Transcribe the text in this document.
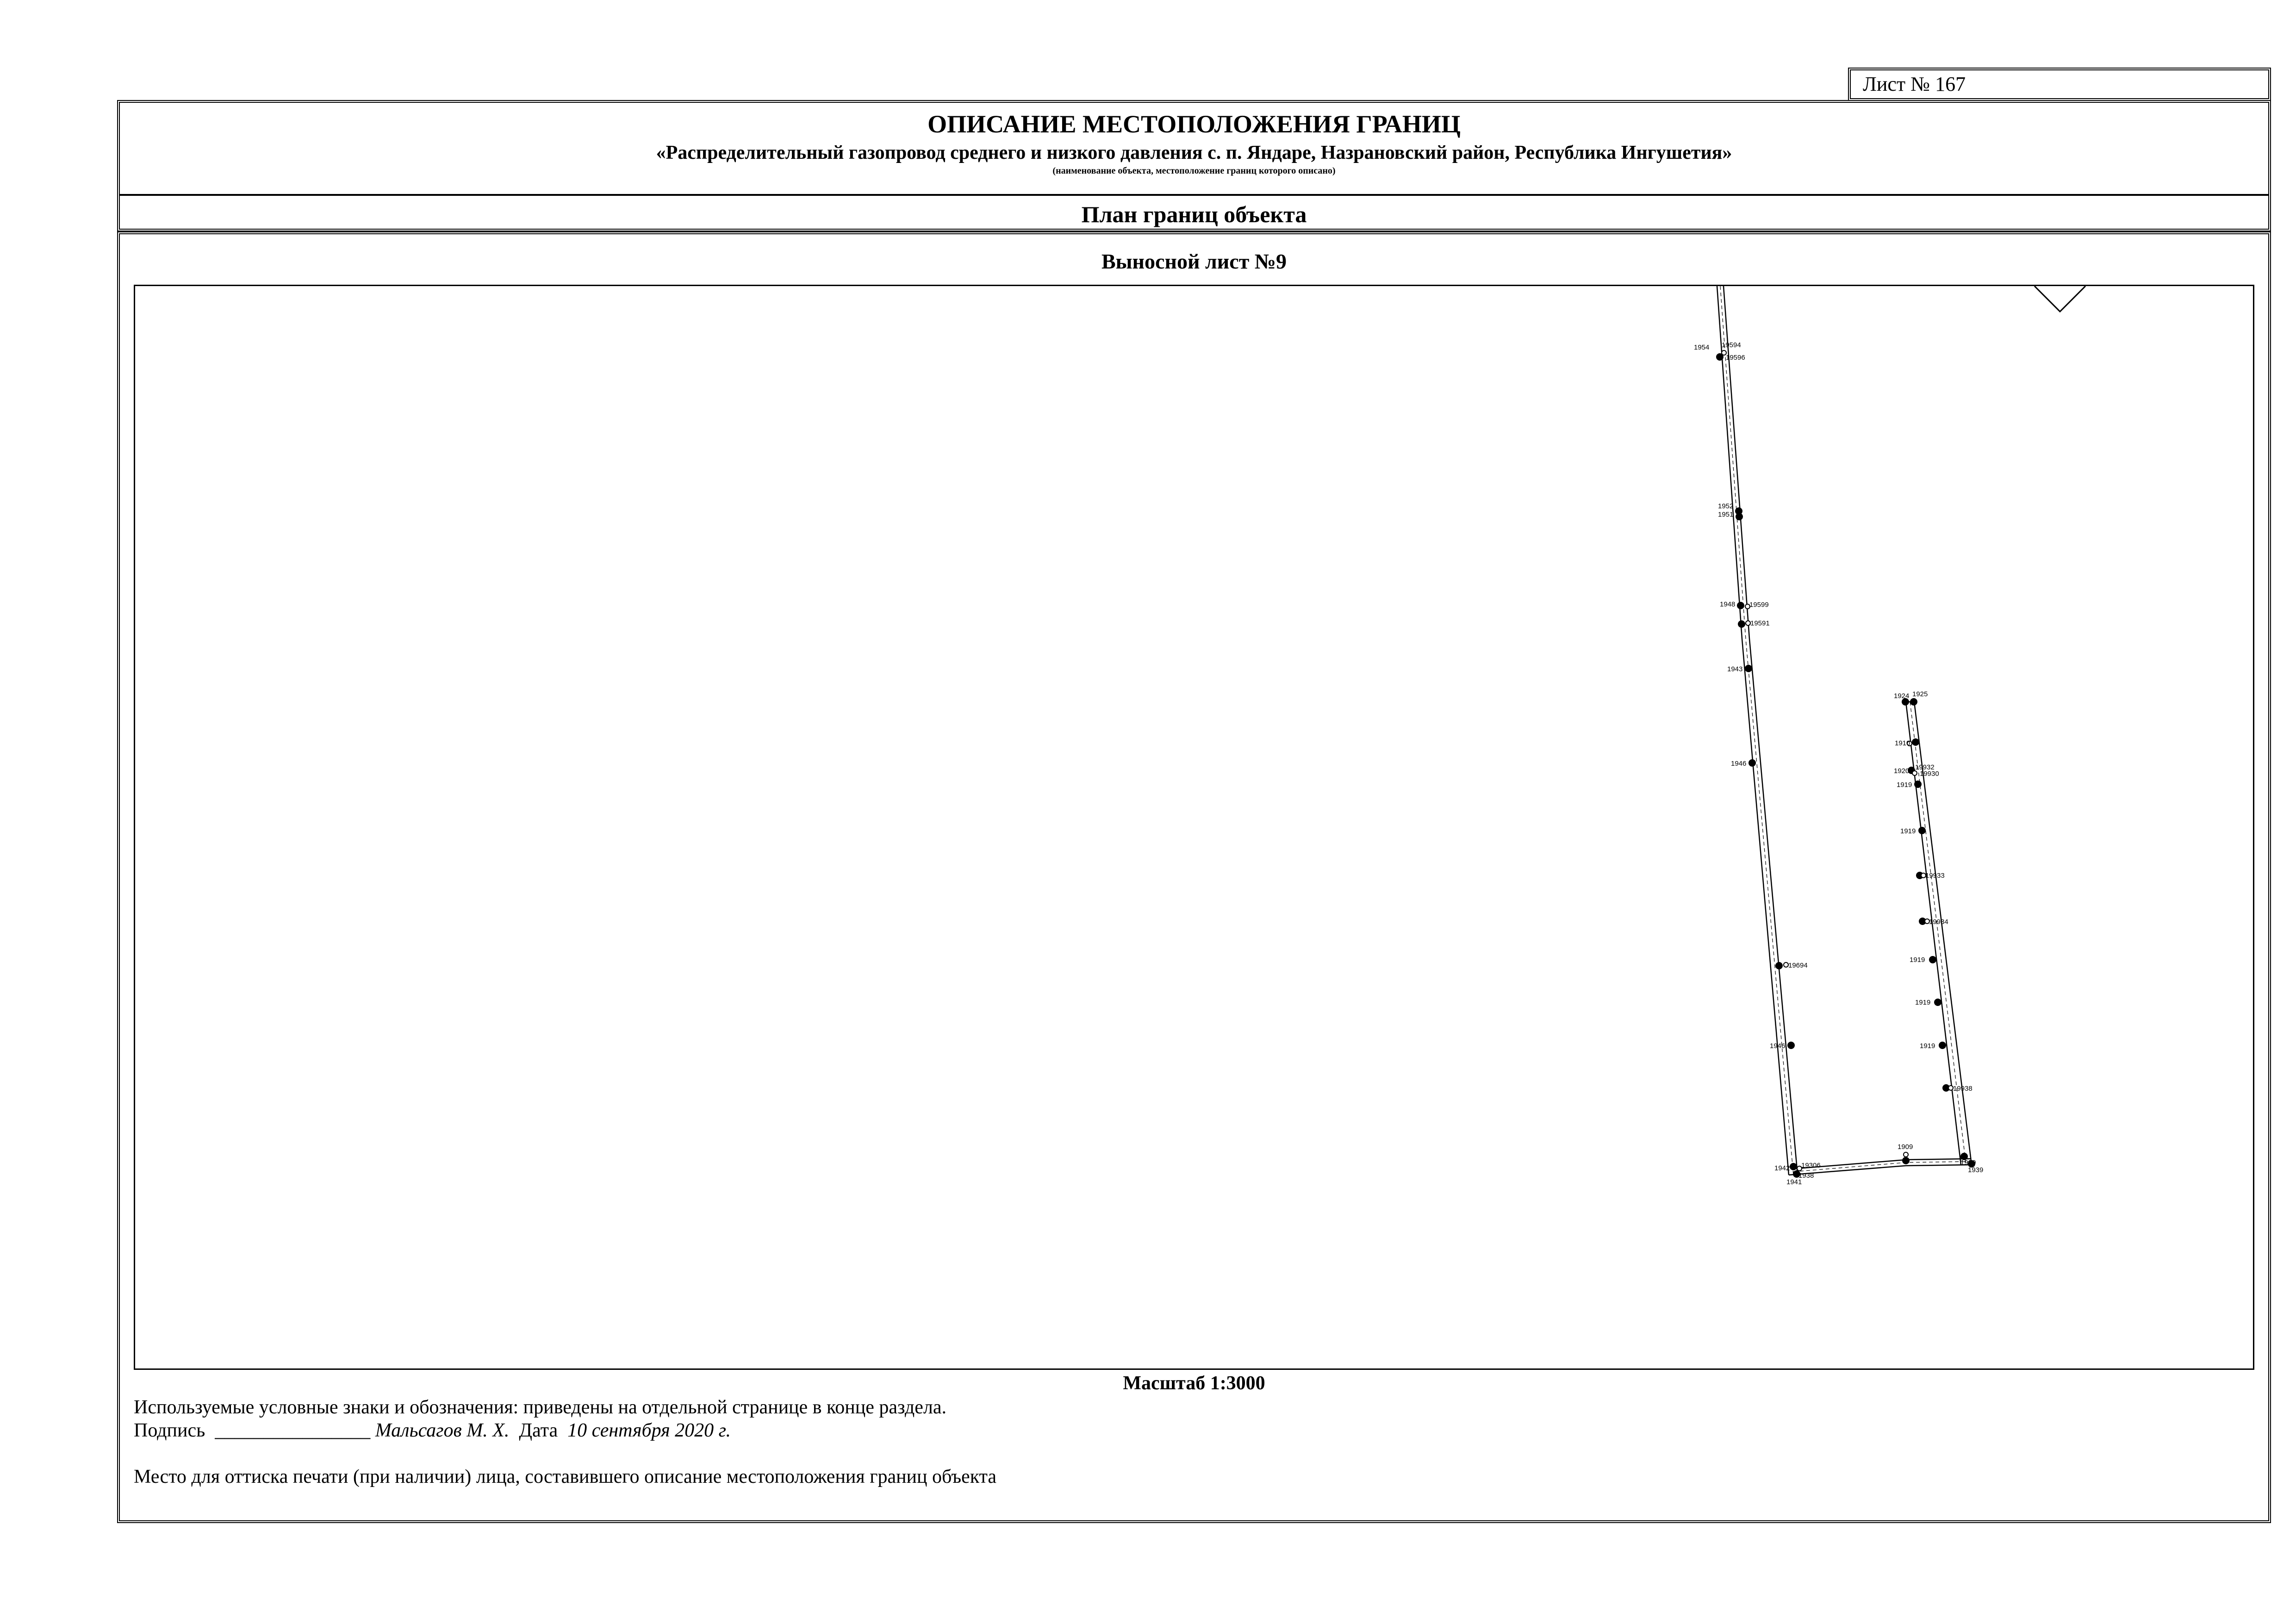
Лист № 167
ОПИСАНИЕ МЕСТОПОЛОЖЕНИЯ ГРАНИЦ
«Распределительный газопровод среднего и низкого давления с. п. Яндаре, Назрановский район, Республика Ингушетия»
(наименование объекта, местоположение границ которого описано)
План границ объекта
Выносной лист №9
1954 19594
19596
1952
1951
1948 19599
19591
1943
1946
19694
1946
1924 1925
1910
1920 19932
19930
1919
1919
19933
19934
1919
1919
1919
19938
1909
1920
1939
1942 19306
1941
1938
Масштаб 1:3000
Используемые условные знаки и обозначения: приведены на отдельной странице в конце раздела.
Подпись ________________ Мальсагов М. Х. Дата 10 сентября 2020 г.
Место для оттиска печати (при наличии) лица, составившего описание местоположения границ объекта
